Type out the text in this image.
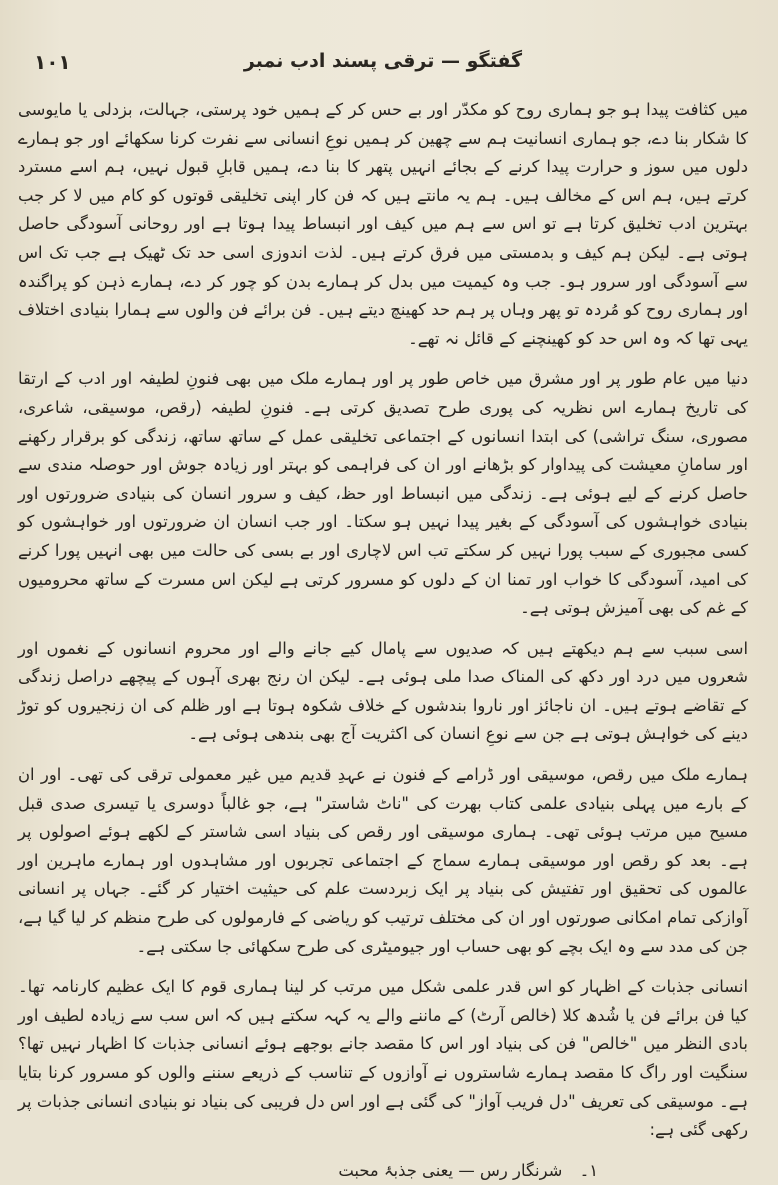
۱۰۱	گفتگو — ترقی پسند ادب نمبر

میں کثافت پیدا ہو جو ہماری روح کو مکدّر اور بے حس کر کے ہمیں خود پرستی، جہالت، بزدلی یا مایوسی کا شکار بنا دے، جو ہماری انسانیت ہم سے چھین کر ہمیں نوعِ انسانی سے نفرت کرنا سکھائے اور جو ہمارے دلوں میں سوز و حرارت پیدا کرنے کے بجائے انہیں پتھر کا بنا دے، ہمیں قابلِ قبول نہیں، ہم اسے مسترد کرتے ہیں، ہم اس کے مخالف ہیں۔ ہم یہ مانتے ہیں کہ فن کار اپنی تخلیقی قوتوں کو کام میں لا کر جب بہترین ادب تخلیق کرتا ہے تو اس سے ہم میں کیف اور انبساط پیدا ہوتا ہے اور روحانی آسودگی حاصل ہوتی ہے۔ لیکن ہم کیف و بدمستی میں فرق کرتے ہیں۔ لذت اندوزی اسی حد تک ٹھیک ہے جب تک اس سے آسودگی اور سرور ہو۔ جب وہ کیمیت میں بدل کر ہمارے بدن کو چور کر دے، ہمارے ذہن کو پراگندہ اور ہماری روح کو مُردہ تو پھر وہاں پر ہم حد کھینچ دیتے ہیں۔ فن برائے فن والوں سے ہمارا بنیادی اختلاف یہی تھا کہ وہ اس حد کو کھینچنے کے قائل نہ تھے۔

دنیا میں عام طور پر اور مشرق میں خاص طور پر اور ہمارے ملک میں بھی فنونِ لطیفہ اور ادب کے ارتقا کی تاریخ ہمارے اس نظریہ کی پوری طرح تصدیق کرتی ہے۔ فنونِ لطیفہ (رقص، موسیقی، شاعری، مصوری، سنگ تراشی) کی ابتدا انسانوں کے اجتماعی تخلیقی عمل کے ساتھ ساتھ، زندگی کو برقرار رکھنے اور سامانِ معیشت کی پیداوار کو بڑھانے اور ان کی فراہمی کو بہتر اور زیادہ جوش اور حوصلہ مندی سے حاصل کرنے کے لیے ہوئی ہے۔ زندگی میں انبساط اور حظ، کیف و سرور انسان کی بنیادی ضرورتوں اور بنیادی خواہشوں کی آسودگی کے بغیر پیدا نہیں ہو سکتا۔ اور جب انسان ان ضرورتوں اور خواہشوں کو کسی مجبوری کے سبب پورا نہیں کر سکتے تب اس لاچاری اور بے بسی کی حالت میں بھی انہیں پورا کرنے کی امید، آسودگی کا خواب اور تمنا ان کے دلوں کو مسرور کرتی ہے لیکن اس مسرت کے ساتھ محرومیوں کے غم کی بھی آمیزش ہوتی ہے۔

اسی سبب سے ہم دیکھتے ہیں کہ صدیوں سے پامال کیے جانے والے اور محروم انسانوں کے نغموں اور شعروں میں درد اور دکھ کی المناک صدا ملی ہوئی ہے۔ لیکن ان رنج بھری آہوں کے پیچھے دراصل زندگی کے تقاضے ہوتے ہیں۔ ان ناجائز اور ناروا بندشوں کے خلاف شکوہ ہوتا ہے اور ظلم کی ان زنجیروں کو توڑ دینے کی خواہش ہوتی ہے جن سے نوعِ انسان کی اکثریت آج بھی بندھی ہوئی ہے۔

ہمارے ملک میں رقص، موسیقی اور ڈرامے کے فنون نے عہدِ قدیم میں غیر معمولی ترقی کی تھی۔ اور ان کے بارے میں پہلی بنیادی علمی کتاب بھرت کی "ناٹ شاستر" ہے، جو غالباً دوسری یا تیسری صدی قبل مسیح میں مرتب ہوئی تھی۔ ہماری موسیقی اور رقص کی بنیاد اسی شاستر کے لکھے ہوئے اصولوں پر ہے۔ بعد کو رقص اور موسیقی ہمارے سماج کے اجتماعی تجربوں اور مشاہدوں اور ہمارے ماہرین اور عالموں کی تحقیق اور تفتیش کی بنیاد پر ایک زبردست علم کی حیثیت اختیار کر گئے۔ جہاں پر انسانی آوازکی تمام امکانی صورتوں اور ان کی مختلف ترتیب کو ریاضی کے فارمولوں کی طرح منظم کر لیا گیا ہے، جن کی مدد سے وہ ایک بچے کو بھی حساب اور جیومیٹری کی طرح سکھائی جا سکتی ہے۔

انسانی جذبات کے اظہار کو اس قدر علمی شکل میں مرتب کر لینا ہماری قوم کا ایک عظیم کارنامہ تھا۔ کیا فن برائے فن یا شُدھ کلا (خالص آرٹ) کے ماننے والے یہ کہہ سکتے ہیں کہ اس سب سے زیادہ لطیف اور بادی النظر میں "خالص" فن کی بنیاد اور اس کا مقصد جانے بوجھے ہوئے انسانی جذبات کا اظہار نہیں تھا؟ سنگیت اور راگ کا مقصد ہمارے شاستروں نے آوازوں کے تناسب کے ذریعے سننے والوں کو مسرور کرنا بتایا ہے۔ موسیقی کی تعریف "دل فریب آواز" کی گئی ہے اور اس دل فریبی کی بنیاد نو بنیادی انسانی جذبات پر رکھی گئی ہے:

۱۔ شرنگار رس — یعنی جذبۂ محبت
